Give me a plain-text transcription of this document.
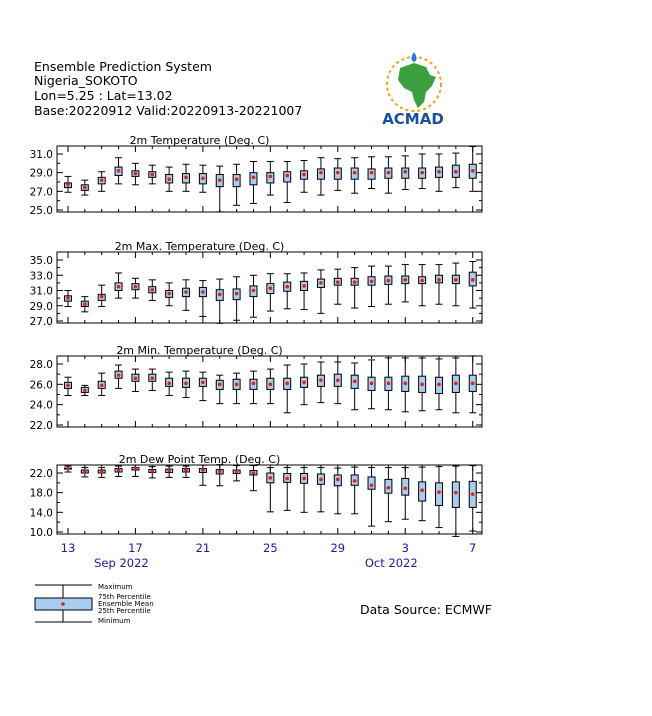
Ensemble Prediction System
Nigeria_SOKOTO
Lon=5.25 : Lat=13.02
Base:20220912 Valid:20220913-20221007	ACMAD
2m Temperature (Deg. C)
25.0
27.0
29.0
31.0
2m Max. Temperature (Deg. C)
27.0
29.0
31.0
33.0
35.0
2m Min. Temperature (Deg. C)
22.0
24.0
26.0
28.0
2m Dew Point Temp. (Deg. C)
10.0
14.0
18.0
22.0
13	17	21	25	29	3	7
Sep 2022	Oct 2022
Data Source: ECMWF
Maximum
75th Percentile
Ensemble Mean
25th Percentile
Minimum
